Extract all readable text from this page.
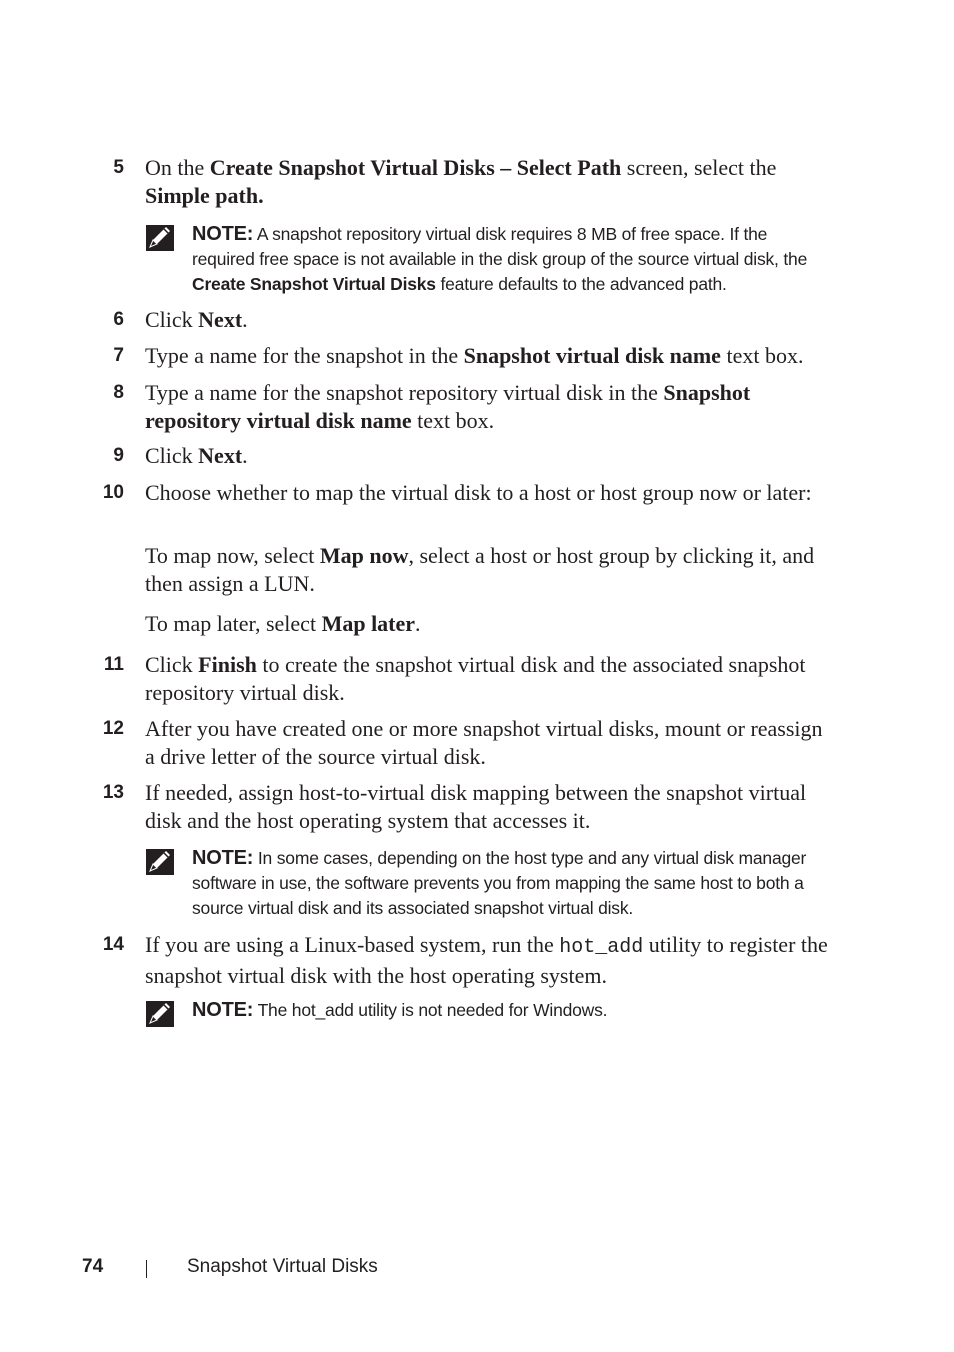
5 On the Create Snapshot Virtual Disks – Select Path screen, select the Simple path.
NOTE: A snapshot repository virtual disk requires 8 MB of free space. If the required free space is not available in the disk group of the source virtual disk, the Create Snapshot Virtual Disks feature defaults to the advanced path.
6 Click Next.
7 Type a name for the snapshot in the Snapshot virtual disk name text box.
8 Type a name for the snapshot repository virtual disk in the Snapshot repository virtual disk name text box.
9 Click Next.
10 Choose whether to map the virtual disk to a host or host group now or later:
To map now, select Map now, select a host or host group by clicking it, and then assign a LUN.
To map later, select Map later.
11 Click Finish to create the snapshot virtual disk and the associated snapshot repository virtual disk.
12 After you have created one or more snapshot virtual disks, mount or reassign a drive letter of the source virtual disk.
13 If needed, assign host-to-virtual disk mapping between the snapshot virtual disk and the host operating system that accesses it.
NOTE: In some cases, depending on the host type and any virtual disk manager software in use, the software prevents you from mapping the same host to both a source virtual disk and its associated snapshot virtual disk.
14 If you are using a Linux-based system, run the hot_add utility to register the snapshot virtual disk with the host operating system.
NOTE: The hot_add utility is not needed for Windows.
74	Snapshot Virtual Disks
